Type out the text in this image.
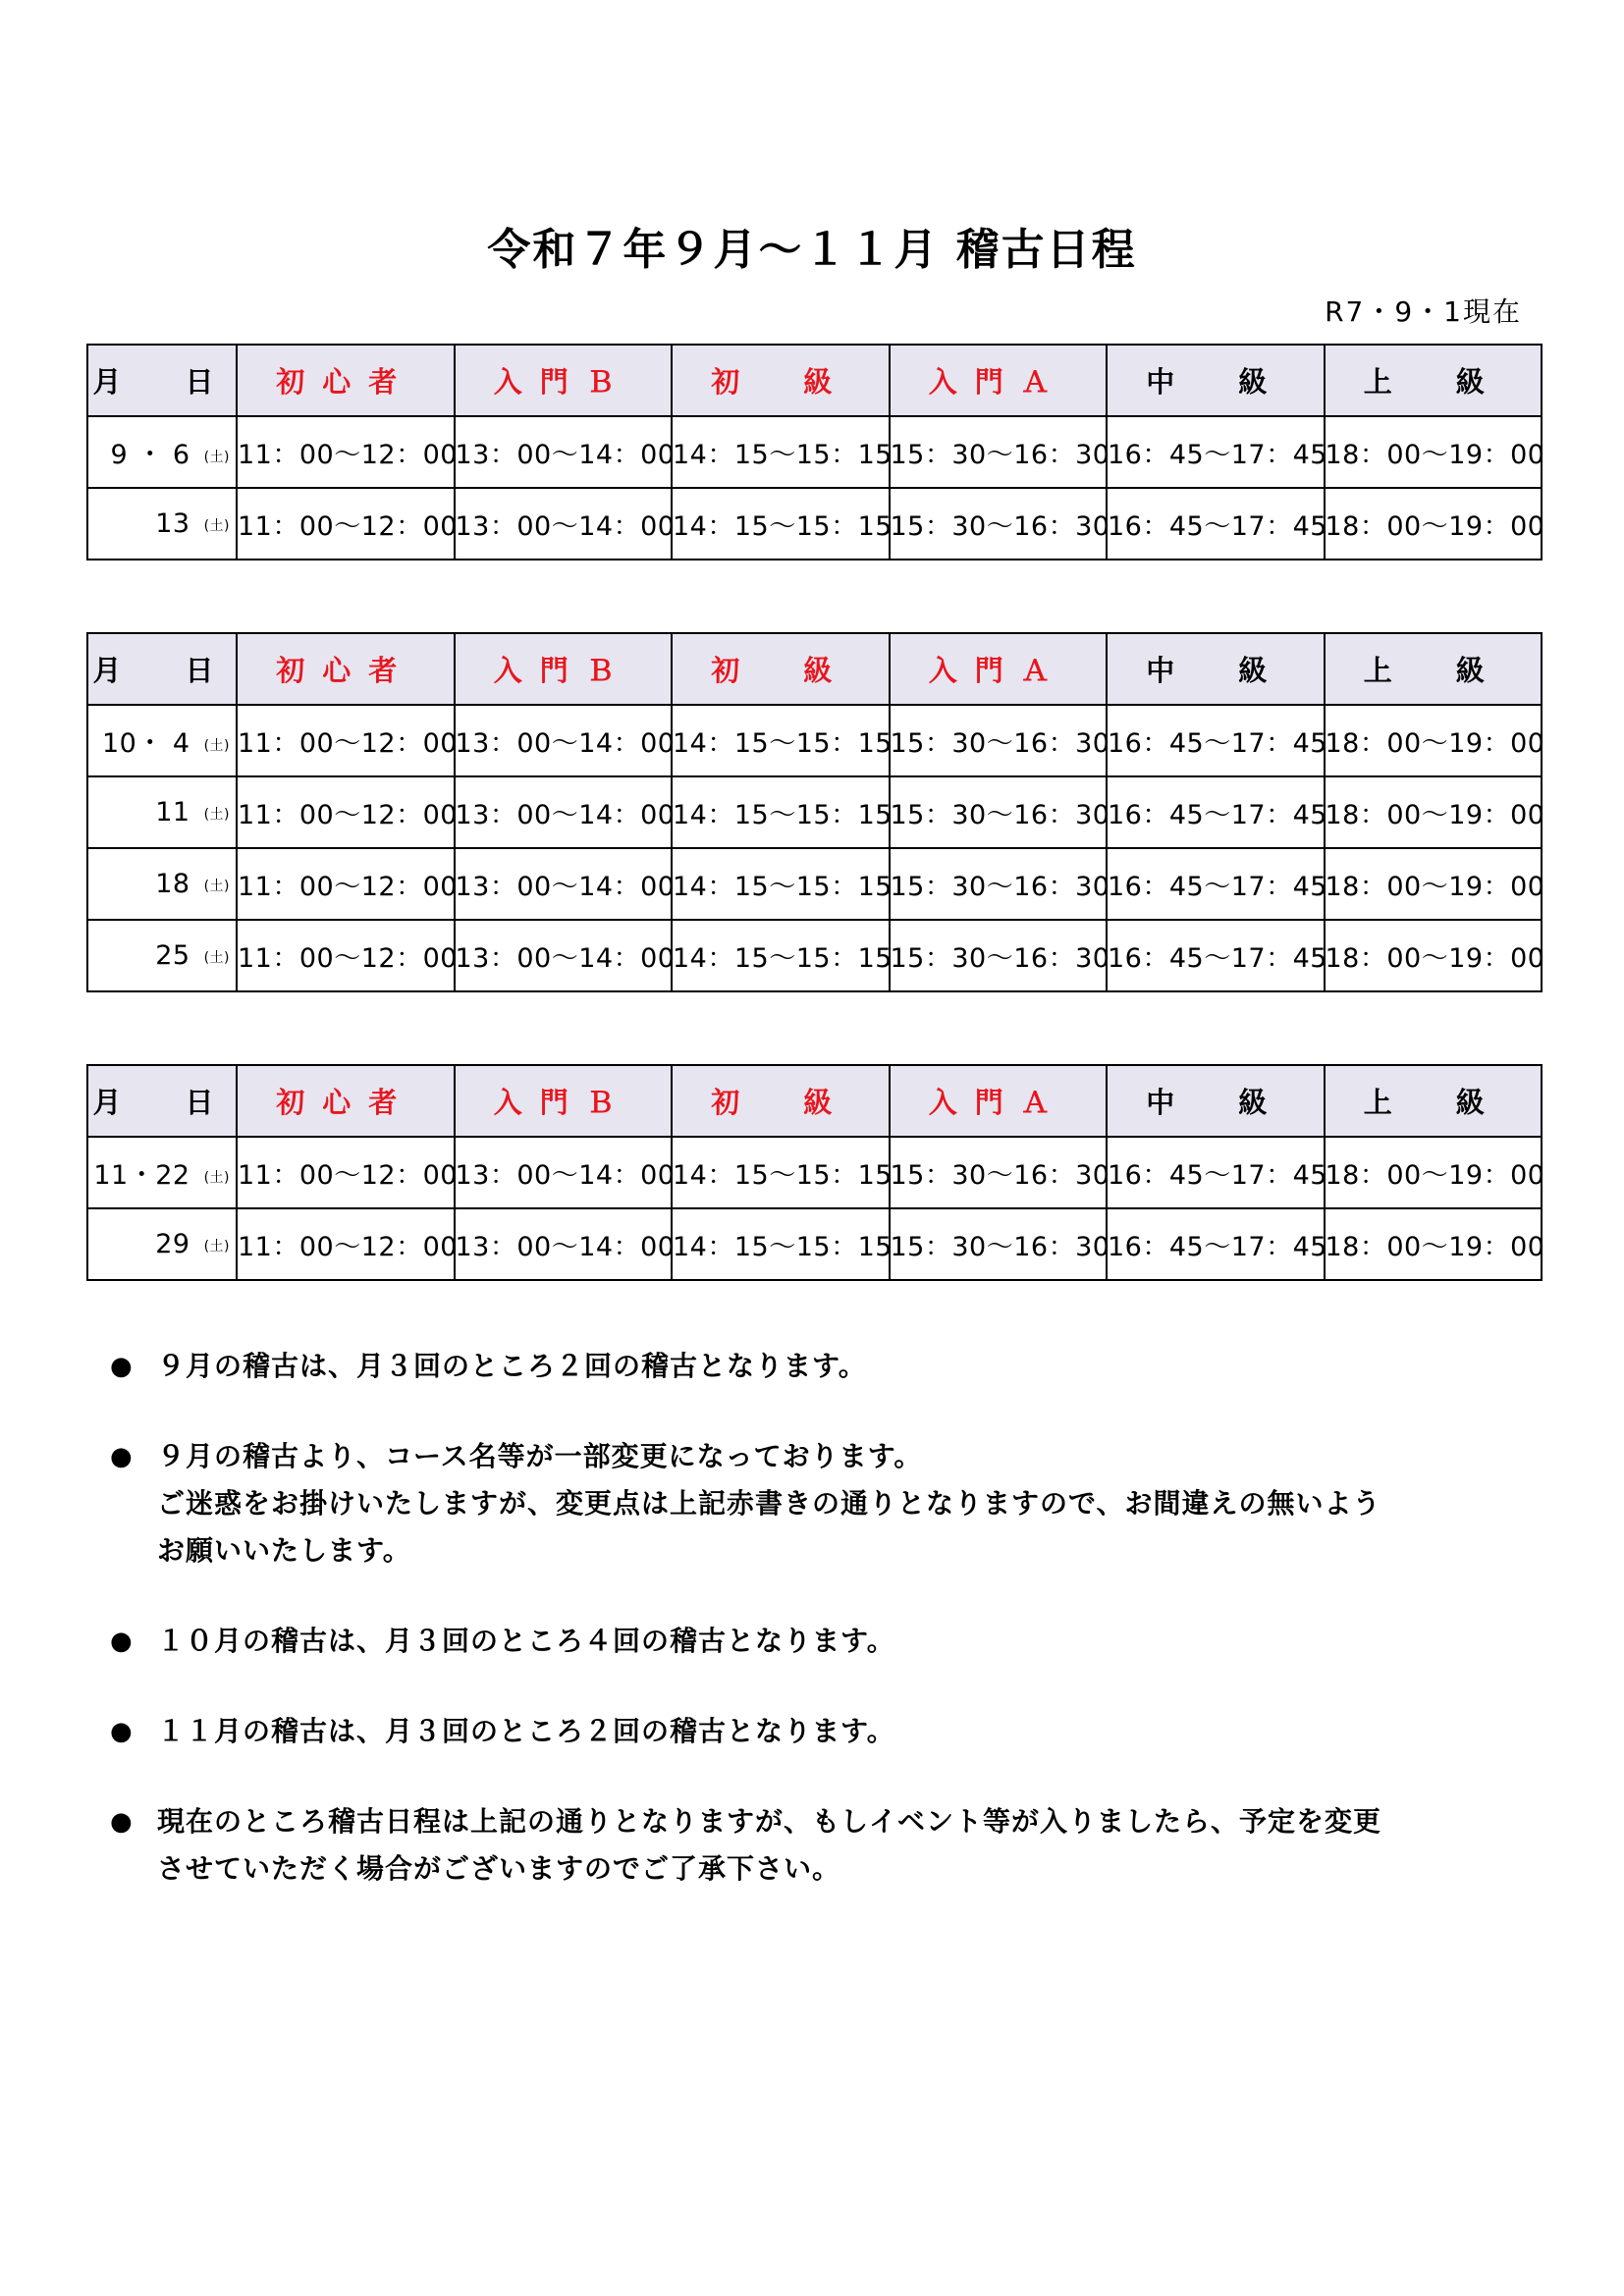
令和７年９月～１１月 稽古日程
R7・9・1現在
月　日	初心者	入門Ｂ	初　級	入門Ａ	中　級	上　級
9 ・ 6 (土)	11：00～12：00	13：00～14：00	14：15～15：15	15：30～16：30	16：45～17：45	18：00～19：00
13 (土)	11：00～12：00	13：00～14：00	14：15～15：15	15：30～16：30	16：45～17：45	18：00～19：00
月　日	初心者	入門Ｂ	初　級	入門Ａ	中　級	上　級
10・ 4 (土)	11：00～12：00	13：00～14：00	14：15～15：15	15：30～16：30	16：45～17：45	18：00～19：00
11 (土)	11：00～12：00	13：00～14：00	14：15～15：15	15：30～16：30	16：45～17：45	18：00～19：00
18 (土)	11：00～12：00	13：00～14：00	14：15～15：15	15：30～16：30	16：45～17：45	18：00～19：00
25 (土)	11：00～12：00	13：00～14：00	14：15～15：15	15：30～16：30	16：45～17：45	18：00～19：00
月　日	初心者	入門Ｂ	初　級	入門Ａ	中　級	上　級
11・22 (土)	11：00～12：00	13：00～14：00	14：15～15：15	15：30～16：30	16：45～17：45	18：00～19：00
29 (土)	11：00～12：00	13：00～14：00	14：15～15：15	15：30～16：30	16：45～17：45	18：00～19：00
● ９月の稽古は、月３回のところ２回の稽古となります。
● ９月の稽古より、コース名等が一部変更になっております。
ご迷惑をお掛けいたしますが、変更点は上記赤書きの通りとなりますので、お間違えの無いよう
お願いいたします。
● １０月の稽古は、月３回のところ４回の稽古となります。
● １１月の稽古は、月３回のところ２回の稽古となります。
● 現在のところ稽古日程は上記の通りとなりますが、もしイベント等が入りましたら、予定を変更
させていただく場合がございますのでご了承下さい。
